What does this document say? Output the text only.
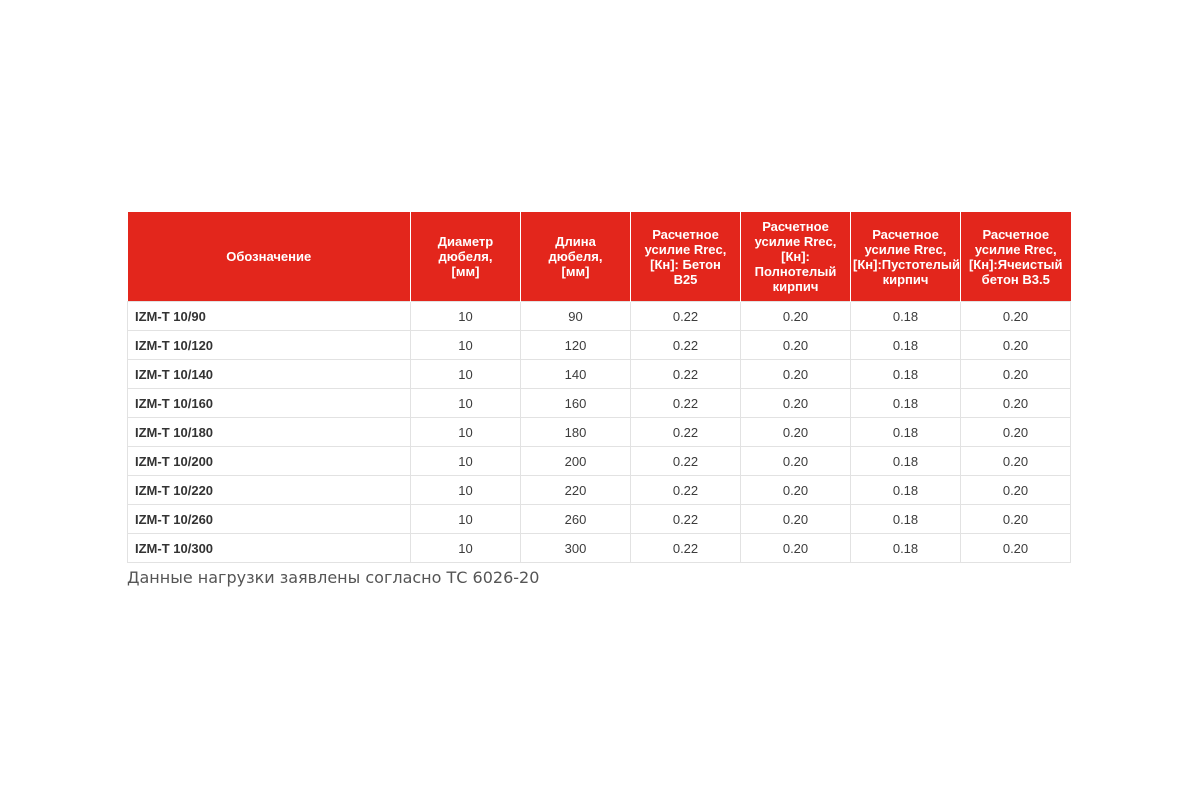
Обозначение	Диаметр
дюбеля,
[мм]	Длина
дюбеля,
[мм]	Расчетное
усилие Rrec,
[Кн]: Бетон
B25	Расчетное
усилие Rrec,
[Кн]:
Полнотелый
кирпич	Расчетное
усилие Rrec,
[Кн]:Пустотелый
кирпич	Расчетное
усилие Rrec,
[Кн]:Ячеистый
бетон B3.5
IZM-T 10/90	10	90	0.22	0.20	0.18	0.20
IZM-T 10/120	10	120	0.22	0.20	0.18	0.20
IZM-T 10/140	10	140	0.22	0.20	0.18	0.20
IZM-T 10/160	10	160	0.22	0.20	0.18	0.20
IZM-T 10/180	10	180	0.22	0.20	0.18	0.20
IZM-T 10/200	10	200	0.22	0.20	0.18	0.20
IZM-T 10/220	10	220	0.22	0.20	0.18	0.20
IZM-T 10/260	10	260	0.22	0.20	0.18	0.20
IZM-T 10/300	10	300	0.22	0.20	0.18	0.20
Данные нагрузки заявлены согласно ТС 6026-20
